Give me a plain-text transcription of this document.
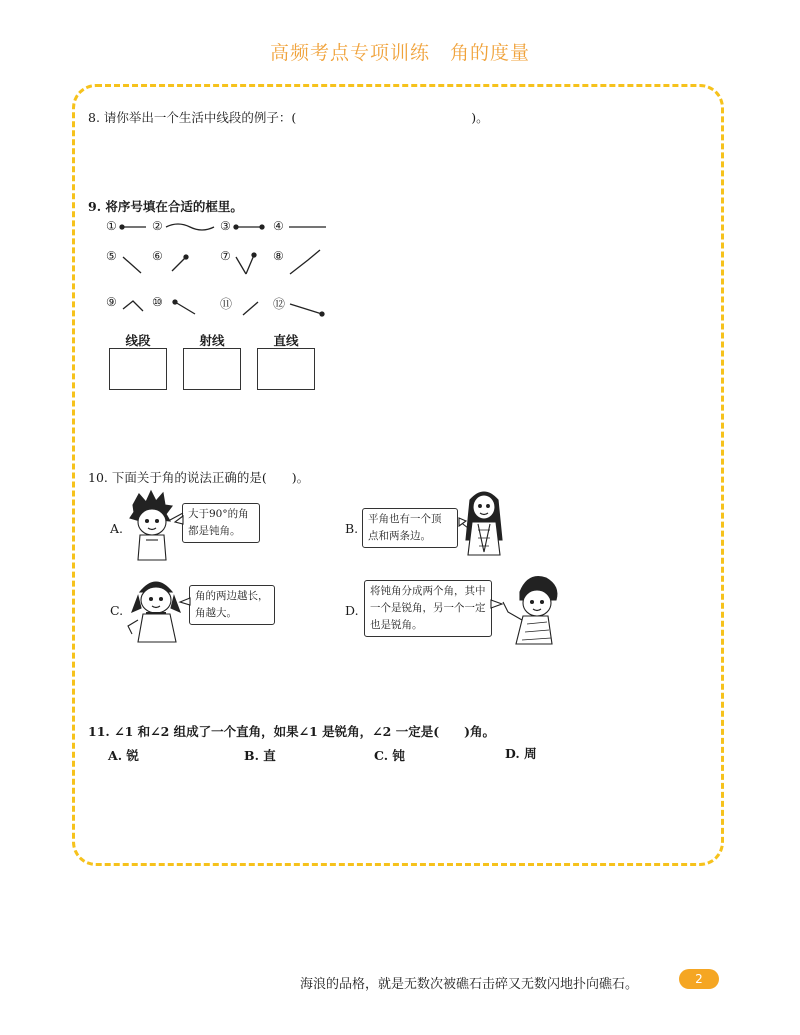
高频考点专项训练　角的度量
8. 请你举出一个生活中线段的例子：(　　　　　　　　　　　　　　)。
9. 将序号填在合适的框里。
①	②	③	④
⑤	⑥	⑦	⑧
⑨	⑩	⑪	⑫
线段	射线	直线
10. 下面关于角的说法正确的是(　　)。
A.	B.
C.	D.
大于90°的角
都是钝角。
平角也有一个顶
点和两条边。
角的两边越长，
角越大。
将钝角分成两个角，其中
一个是锐角，另一个一定
也是锐角。
11. ∠1 和∠2 组成了一个直角，如果∠1 是锐角，∠2 一定是(　　)角。
A. 锐	B. 直	C. 钝	D. 周
海浪的品格，就是无数次被礁石击碎又无数闪地扑向礁石。	2
